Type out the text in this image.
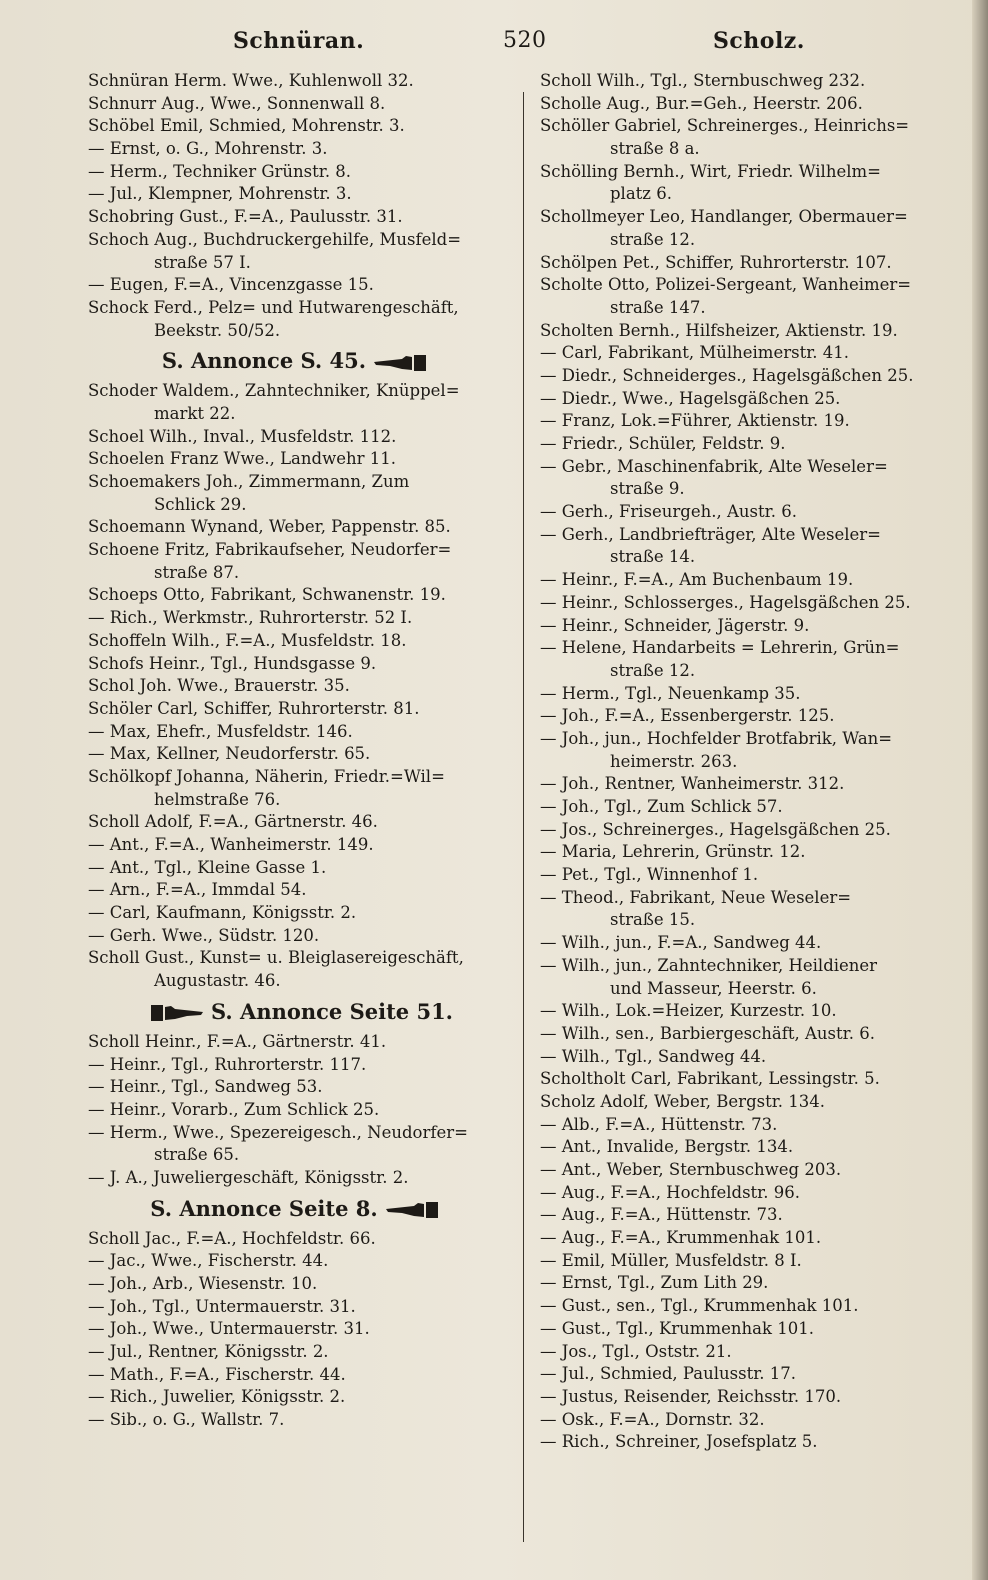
Schnüran.	520	Scholz.
Schnüran Herm. Wwe., Kuhlenwoll 32.
Schnurr Aug., Wwe., Sonnenwall 8.
Schöbel Emil, Schmied, Mohrenstr. 3.
— Ernst, o. G., Mohrenstr. 3.
— Herm., Techniker Grünstr. 8.
— Jul., Klempner, Mohrenstr. 3.
Schobring Gust., F.=A., Paulusstr. 31.
Schoch Aug., Buchdruckergehilfe, Musfeld=
straße 57 I.
— Eugen, F.=A., Vincenzgasse 15.
Schock Ferd., Pelz= und Hutwarengeschäft,
Beekstr. 50/52.
S. Annonce S. 45.
Schoder Waldem., Zahntechniker, Knüppel=
markt 22.
Schoel Wilh., Inval., Musfeldstr. 112.
Schoelen Franz Wwe., Landwehr 11.
Schoemakers Joh., Zimmermann, Zum
Schlick 29.
Schoemann Wynand, Weber, Pappenstr. 85.
Schoene Fritz, Fabrikaufseher, Neudorfer=
straße 87.
Schoeps Otto, Fabrikant, Schwanenstr. 19.
— Rich., Werkmstr., Ruhrorterstr. 52 I.
Schoffeln Wilh., F.=A., Musfeldstr. 18.
Schofs Heinr., Tgl., Hundsgasse 9.
Schol Joh. Wwe., Brauerstr. 35.
Schöler Carl, Schiffer, Ruhrorterstr. 81.
— Max, Ehefr., Musfeldstr. 146.
— Max, Kellner, Neudorferstr. 65.
Schölkopf Johanna, Näherin, Friedr.=Wil=
helmstraße 76.
Scholl Adolf, F.=A., Gärtnerstr. 46.
— Ant., F.=A., Wanheimerstr. 149.
— Ant., Tgl., Kleine Gasse 1.
— Arn., F.=A., Immdal 54.
— Carl, Kaufmann, Königsstr. 2.
— Gerh. Wwe., Südstr. 120.
Scholl Gust., Kunst= u. Bleiglasereigeschäft,
Augustastr. 46.
S. Annonce Seite 51.
Scholl Heinr., F.=A., Gärtnerstr. 41.
— Heinr., Tgl., Ruhrorterstr. 117.
— Heinr., Tgl., Sandweg 53.
— Heinr., Vorarb., Zum Schlick 25.
— Herm., Wwe., Spezereigesch., Neudorfer=
straße 65.
— J. A., Juweliergeschäft, Königsstr. 2.
S. Annonce Seite 8.
Scholl Jac., F.=A., Hochfeldstr. 66.
— Jac., Wwe., Fischerstr. 44.
— Joh., Arb., Wiesenstr. 10.
— Joh., Tgl., Untermauerstr. 31.
— Joh., Wwe., Untermauerstr. 31.
— Jul., Rentner, Königsstr. 2.
— Math., F.=A., Fischerstr. 44.
— Rich., Juwelier, Königsstr. 2.
— Sib., o. G., Wallstr. 7.
Scholl Wilh., Tgl., Sternbuschweg 232.
Scholle Aug., Bur.=Geh., Heerstr. 206.
Schöller Gabriel, Schreinerges., Heinrichs=
straße 8 a.
Schölling Bernh., Wirt, Friedr. Wilhelm=
platz 6.
Schollmeyer Leo, Handlanger, Obermauer=
straße 12.
Schölpen Pet., Schiffer, Ruhrorterstr. 107.
Scholte Otto, Polizei-Sergeant, Wanheimer=
straße 147.
Scholten Bernh., Hilfsheizer, Aktienstr. 19.
— Carl, Fabrikant, Mülheimerstr. 41.
— Diedr., Schneiderges., Hagelsgäßchen 25.
— Diedr., Wwe., Hagelsgäßchen 25.
— Franz, Lok.=Führer, Aktienstr. 19.
— Friedr., Schüler, Feldstr. 9.
— Gebr., Maschinenfabrik, Alte Weseler=
straße 9.
— Gerh., Friseurgeh., Austr. 6.
— Gerh., Landbriefträger, Alte Weseler=
straße 14.
— Heinr., F.=A., Am Buchenbaum 19.
— Heinr., Schlosserges., Hagelsgäßchen 25.
— Heinr., Schneider, Jägerstr. 9.
— Helene, Handarbeits = Lehrerin, Grün=
straße 12.
— Herm., Tgl., Neuenkamp 35.
— Joh., F.=A., Essenbergerstr. 125.
— Joh., jun., Hochfelder Brotfabrik, Wan=
heimerstr. 263.
— Joh., Rentner, Wanheimerstr. 312.
— Joh., Tgl., Zum Schlick 57.
— Jos., Schreinerges., Hagelsgäßchen 25.
— Maria, Lehrerin, Grünstr. 12.
— Pet., Tgl., Winnenhof 1.
— Theod., Fabrikant, Neue Weseler=
straße 15.
— Wilh., jun., F.=A., Sandweg 44.
— Wilh., jun., Zahntechniker, Heildiener
und Masseur, Heerstr. 6.
— Wilh., Lok.=Heizer, Kurzestr. 10.
— Wilh., sen., Barbiergeschäft, Austr. 6.
— Wilh., Tgl., Sandweg 44.
Scholtholt Carl, Fabrikant, Lessingstr. 5.
Scholz Adolf, Weber, Bergstr. 134.
— Alb., F.=A., Hüttenstr. 73.
— Ant., Invalide, Bergstr. 134.
— Ant., Weber, Sternbuschweg 203.
— Aug., F.=A., Hochfeldstr. 96.
— Aug., F.=A., Hüttenstr. 73.
— Aug., F.=A., Krummenhak 101.
— Emil, Müller, Musfeldstr. 8 I.
— Ernst, Tgl., Zum Lith 29.
— Gust., sen., Tgl., Krummenhak 101.
— Gust., Tgl., Krummenhak 101.
— Jos., Tgl., Oststr. 21.
— Jul., Schmied, Paulusstr. 17.
— Justus, Reisender, Reichsstr. 170.
— Osk., F.=A., Dornstr. 32.
— Rich., Schreiner, Josefsplatz 5.
